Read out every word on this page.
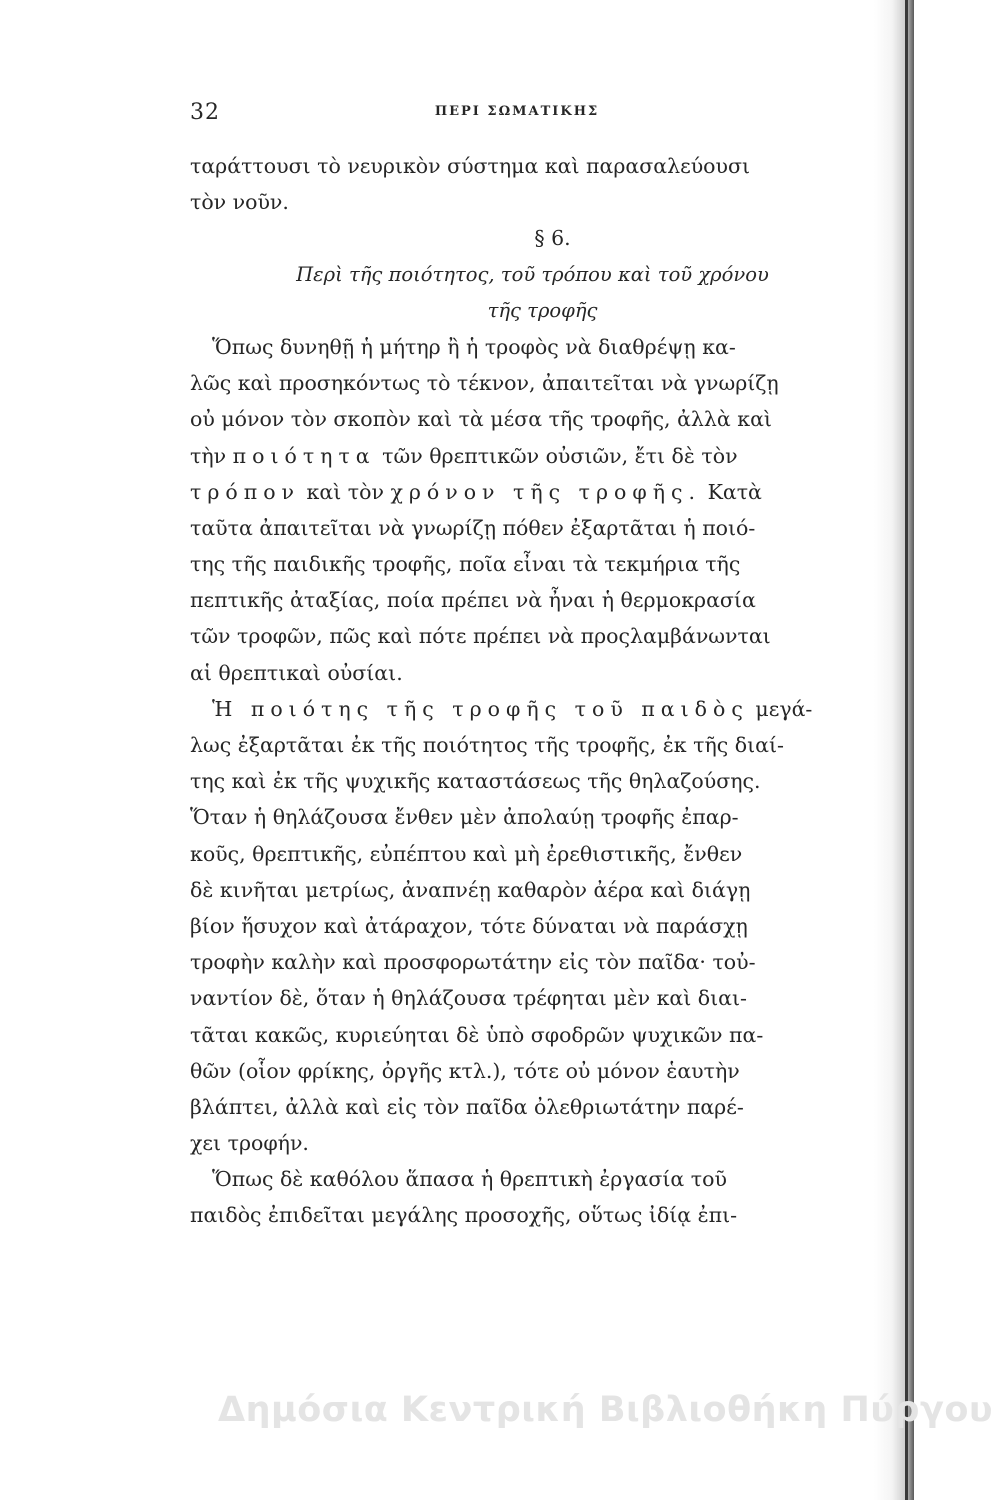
32	ΠΕΡΙ ΣΩΜΑΤΙΚΗΣ
ταράττουσι τὸ νευρικὸν σύστημα καὶ παρασαλεύουσι
τὸν νοῦν.
§ 6.
Περὶ τῆς ποιότητος, τοῦ τρόπου καὶ τοῦ χρόνου
τῆς τροφῆς
Ὅπως δυνηθῇ ἡ μήτηρ ἢ ἡ τροφὸς νὰ διαθρέψῃ κα-
λῶς καὶ προσηκόντως τὸ τέκνον, ἀπαιτεῖται νὰ γνωρίζῃ
οὐ μόνον τὸν σκοπὸν καὶ τὰ μέσα τῆς τροφῆς, ἀλλὰ καὶ
τὴν ποιότητα τῶν θρεπτικῶν οὐσιῶν, ἔτι δὲ τὸν
τρόπον καὶ τὸν χρόνον τῆς τροφῆς. Κατὰ
ταῦτα ἀπαιτεῖται νὰ γνωρίζῃ πόθεν ἐξαρτᾶται ἡ ποιό-
της τῆς παιδικῆς τροφῆς, ποῖα εἶναι τὰ τεκμήρια τῆς
πεπτικῆς ἀταξίας, ποία πρέπει νὰ ἦναι ἡ θερμοκρασία
τῶν τροφῶν, πῶς καὶ πότε πρέπει νὰ προςλαμβάνωνται
αἱ θρεπτικαὶ οὐσίαι.
Ἡ ποιότης τῆς τροφῆς τοῦ παιδὸς μεγά-
λως ἐξαρτᾶται ἐκ τῆς ποιότητος τῆς τροφῆς, ἐκ τῆς διαί-
της καὶ ἐκ τῆς ψυχικῆς καταστάσεως τῆς θηλαζούσης.
Ὅταν ἡ θηλάζουσα ἔνθεν μὲν ἀπολαύῃ τροφῆς ἐπαρ-
κοῦς, θρεπτικῆς, εὐπέπτου καὶ μὴ ἐρεθιστικῆς, ἔνθεν
δὲ κινῆται μετρίως, ἀναπνέῃ καθαρὸν ἀέρα καὶ διάγῃ
βίον ἥσυχον καὶ ἀτάραχον, τότε δύναται νὰ παράσχῃ
τροφὴν καλὴν καὶ προσφορωτάτην εἰς τὸν παῖδα· τοὐ-
ναντίον δὲ, ὅταν ἡ θηλάζουσα τρέφηται μὲν καὶ διαι-
τᾶται κακῶς, κυριεύηται δὲ ὑπὸ σφοδρῶν ψυχικῶν πα-
θῶν (οἷον φρίκης, ὀργῆς κτλ.), τότε οὐ μόνον ἑαυτὴν
βλάπτει, ἀλλὰ καὶ εἰς τὸν παῖδα ὀλεθριωτάτην παρέ-
χει τροφήν.
Ὅπως δὲ καθόλου ἅπασα ἡ θρεπτικὴ ἐργασία τοῦ
παιδὸς ἐπιδεῖται μεγάλης προσοχῆς, οὕτως ἰδίᾳ ἐπι-
Δημόσια Κεντρική Βιβλιοθήκη Πύργου
